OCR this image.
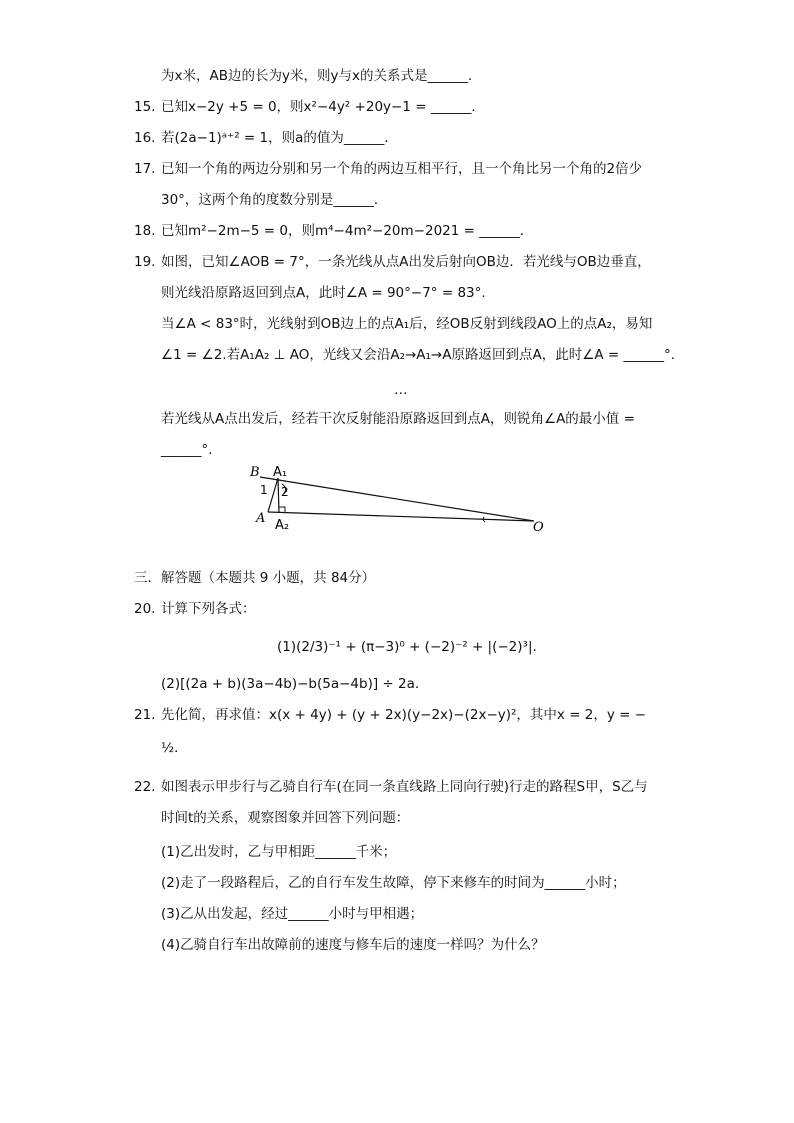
为x米，AB边的长为y米，则y与x的关系式是______．
15. 已知x−2y +5 = 0，则x²−4y² +20y−1 = ______．
16. 若(2a−1)ᵃ⁺² = 1，则a的值为______．
17. 已知一个角的两边分别和另一个角的两边互相平行，且一个角比另一个角的2倍少
30°，这两个角的度数分别是______．
18. 已知m²−2m−5 = 0，则m⁴−4m²−20m−2021 = ______．
19. 如图，已知∠AOB = 7°，一条光线从点A出发后射向OB边．若光线与OB边垂直，
则光线沿原路返回到点A，此时∠A = 90°−7° = 83°.
当∠A < 83°时，光线射到OB边上的点A₁后，经OB反射到线段AO上的点A₂，易知
∠1 = ∠2.若A₁A₂ ⊥ AO，光线又会沿A₂→A₁→A原路返回到点A，此时∠A = ______°.
…
若光线从A点出发后，经若干次反射能沿原路返回到点A，则锐角∠A的最小值 =
______°.
三．解答题（本题共 9 小题，共 84分）
20. 计算下列各式：
(1)(2/3)⁻¹ + (π−3)⁰ + (−2)⁻² + |(−2)³|.
(2)[(2a + b)(3a−4b)−b(5a−4b)] ÷ 2a．
21. 先化简，再求值：x(x + 4y) + (y + 2x)(y−2x)−(2x−y)²，其中x = 2，y = −
½．
22. 如图表示甲步行与乙骑自行车(在同一条直线路上同向行驶)行走的路程S甲，S乙与
时间t的关系，观察图象并回答下列问题：
(1)乙出发时，乙与甲相距______千米；
(2)走了一段路程后，乙的自行车发生故障，停下来修车的时间为______小时；
(3)乙从出发起，经过______小时与甲相遇；
(4)乙骑自行车出故障前的速度与修车后的速度一样吗？为什么？
B A₁
1 2
A A₂	O
